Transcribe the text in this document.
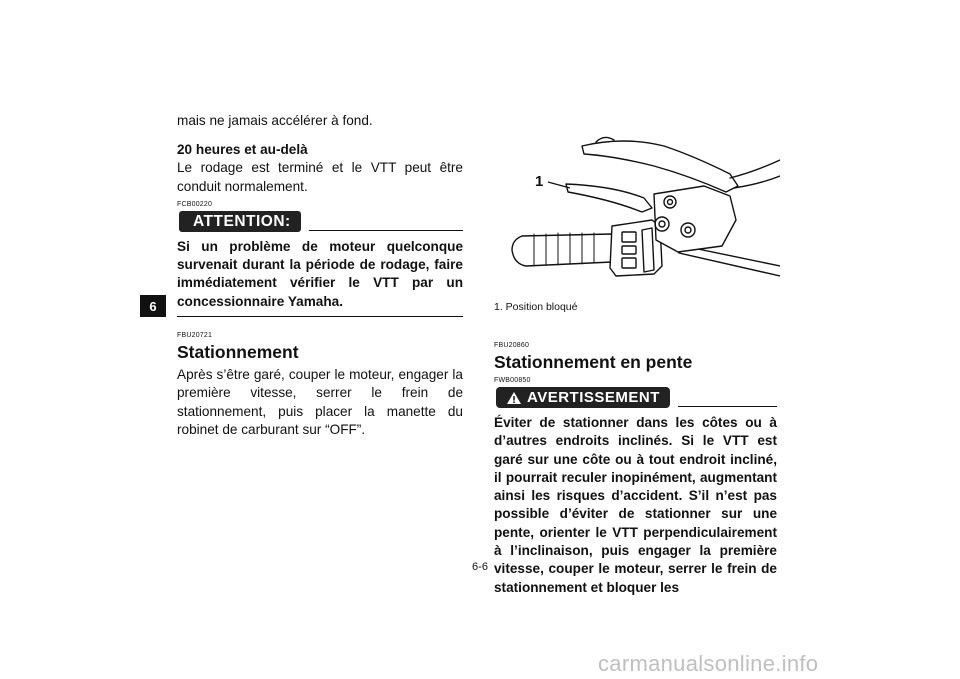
6

mais ne jamais accélérer à fond.

20 heures et au-delà

Le rodage est terminé et le VTT peut être conduit normalement.

FCB00220
ATTENTION:

Si un problème de moteur quelconque survenait durant la période de rodage, faire immédiatement vérifier le VTT par un concessionnaire Yamaha.

FBU20721
Stationnement

Après s’être garé, couper le moteur, engager la première vitesse, serrer le frein de stationnement, puis placer la manette du robinet de carburant sur “OFF”.

1

1. Position bloqué

FBU20860
Stationnement en pente
FWB00850
AVERTISSEMENT

Éviter de stationner dans les côtes ou à d’autres endroits inclinés. Si le VTT est garé sur une côte ou à tout endroit incliné, il pourrait reculer inopinément, augmentant ainsi les risques d’accident. S’il n’est pas possible d’éviter de stationner sur une pente, orienter le VTT perpendiculairement à l’inclinaison, puis engager la première vitesse, couper le moteur, serrer le frein de stationnement et bloquer les

6-6
carmanualsonline.info
